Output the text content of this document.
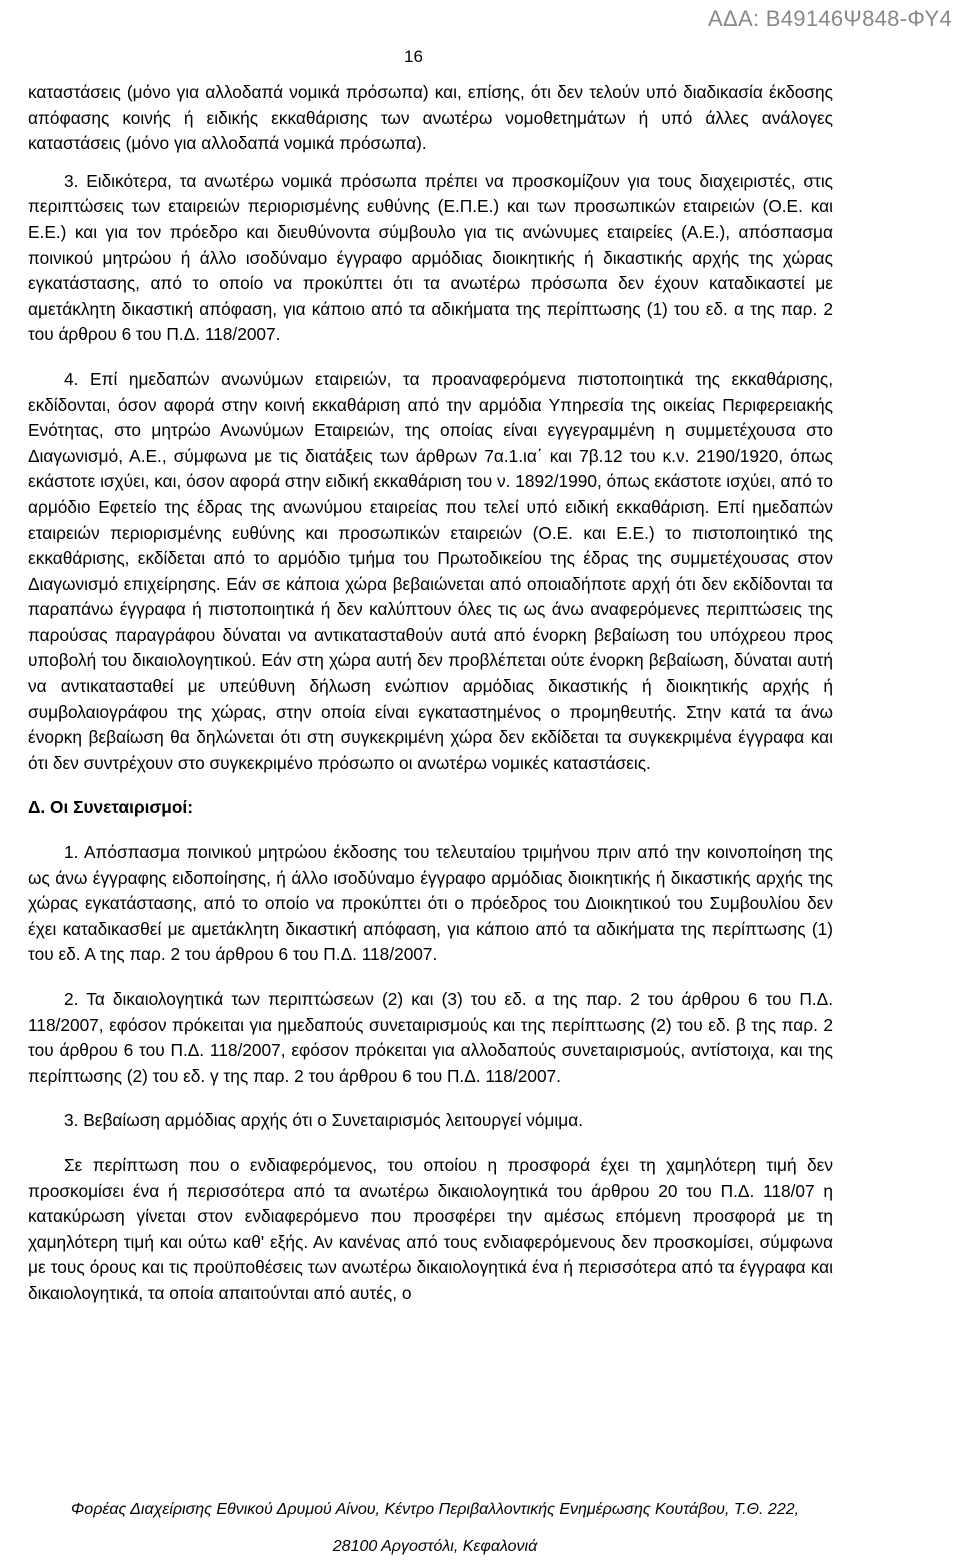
ΑΔΑ: Β49146Ψ848-ΦΥ4
16

καταστάσεις (μόνο για αλλοδαπά νομικά πρόσωπα) και, επίσης, ότι δεν τελούν υπό διαδικασία έκδοσης απόφασης κοινής ή ειδικής εκκαθάρισης των ανωτέρω νομοθετημάτων ή υπό άλλες ανάλογες καταστάσεις (μόνο για αλλοδαπά νομικά πρόσωπα).

3. Ειδικότερα, τα ανωτέρω νομικά πρόσωπα πρέπει να προσκομίζουν για τους διαχειριστές, στις περιπτώσεις των εταιρειών περιορισμένης ευθύνης (Ε.Π.Ε.) και των προσωπικών εταιρειών (Ο.Ε. και Ε.Ε.) και για τον πρόεδρο και διευθύνοντα σύμβουλο για τις ανώνυμες εταιρείες (Α.Ε.), απόσπασμα ποινικού μητρώου ή άλλο ισοδύναμο έγγραφο αρμόδιας διοικητικής ή δικαστικής αρχής της χώρας εγκατάστασης, από το οποίο να προκύπτει ότι τα ανωτέρω πρόσωπα δεν έχουν καταδικαστεί με αμετάκλητη δικαστική απόφαση, για κάποιο από τα αδικήματα της περίπτωσης (1) του εδ. α της παρ. 2 του άρθρου 6 του Π.Δ. 118/2007.

4. Επί ημεδαπών ανωνύμων εταιρειών, τα προαναφερόμενα πιστοποιητικά της εκκαθάρισης, εκδίδονται, όσον αφορά στην κοινή εκκαθάριση από την αρμόδια Υπηρεσία της οικείας Περιφερειακής Ενότητας, στο μητρώο Ανωνύμων Εταιρειών, της οποίας είναι εγγεγραμμένη η συμμετέχουσα στο Διαγωνισμό, Α.Ε., σύμφωνα με τις διατάξεις των άρθρων 7α.1.ια΄ και 7β.12 του κ.ν. 2190/1920, όπως εκάστοτε ισχύει, και, όσον αφορά στην ειδική εκκαθάριση του ν. 1892/1990, όπως εκάστοτε ισχύει, από το αρμόδιο Εφετείο της έδρας της ανωνύμου εταιρείας που τελεί υπό ειδική εκκαθάριση. Επί ημεδαπών εταιρειών περιορισμένης ευθύνης και προσωπικών εταιρειών (Ο.Ε. και Ε.Ε.) το πιστοποιητικό της εκκαθάρισης, εκδίδεται από το αρμόδιο τμήμα του Πρωτοδικείου της έδρας της συμμετέχουσας στον Διαγωνισμό επιχείρησης. Εάν σε κάποια χώρα βεβαιώνεται από οποιαδήποτε αρχή ότι δεν εκδίδονται τα παραπάνω έγγραφα ή πιστοποιητικά ή δεν καλύπτουν όλες τις ως άνω αναφερόμενες περιπτώσεις της παρούσας παραγράφου δύναται να αντικατασταθούν αυτά από ένορκη βεβαίωση του υπόχρεου προς υποβολή του δικαιολογητικού. Εάν στη χώρα αυτή δεν προβλέπεται ούτε ένορκη βεβαίωση, δύναται αυτή να αντικατασταθεί με υπεύθυνη δήλωση ενώπιον αρμόδιας δικαστικής ή διοικητικής αρχής ή συμβολαιογράφου της χώρας, στην οποία είναι εγκαταστημένος ο προμηθευτής. Στην κατά τα άνω ένορκη βεβαίωση θα δηλώνεται ότι στη συγκεκριμένη χώρα δεν εκδίδεται τα συγκεκριμένα έγγραφα και ότι δεν συντρέχουν στο συγκεκριμένο πρόσωπο οι ανωτέρω νομικές καταστάσεις.

Δ. Οι Συνεταιρισμοί:

1. Απόσπασμα ποινικού μητρώου έκδοσης του τελευταίου τριμήνου πριν από την κοινοποίηση της ως άνω έγγραφης ειδοποίησης, ή άλλο ισοδύναμο έγγραφο αρμόδιας διοικητικής ή δικαστικής αρχής της χώρας εγκατάστασης, από το οποίο να προκύπτει ότι ο πρόεδρος του Διοικητικού του Συμβουλίου δεν έχει καταδικασθεί με αμετάκλητη δικαστική απόφαση, για κάποιο από τα αδικήματα της περίπτωσης (1) του εδ. Α της παρ. 2 του άρθρου 6 του Π.Δ. 118/2007.

2. Τα δικαιολογητικά των περιπτώσεων (2) και (3) του εδ. α της παρ. 2 του άρθρου 6 του Π.Δ. 118/2007, εφόσον πρόκειται για ημεδαπούς συνεταιρισμούς και της περίπτωσης (2) του εδ. β της παρ. 2 του άρθρου 6 του Π.Δ. 118/2007, εφόσον πρόκειται για αλλοδαπούς συνεταιρισμούς, αντίστοιχα, και της περίπτωσης (2) του εδ. γ της παρ. 2 του άρθρου 6 του Π.Δ. 118/2007.

3. Βεβαίωση αρμόδιας αρχής ότι ο Συνεταιρισμός λειτουργεί νόμιμα.

Σε περίπτωση που ο ενδιαφερόμενος, του οποίου η προσφορά έχει τη χαμηλότερη τιμή δεν προσκομίσει ένα ή περισσότερα από τα ανωτέρω δικαιολογητικά του άρθρου 20 του Π.Δ. 118/07 η κατακύρωση γίνεται στον ενδιαφερόμενο που προσφέρει την αμέσως επόμενη προσφορά με τη χαμηλότερη τιμή και ούτω καθ' εξής. Αν κανένας από τους ενδιαφερόμενους δεν προσκομίσει, σύμφωνα με τους όρους και τις προϋποθέσεις των ανωτέρω δικαιολογητικά ένα ή περισσότερα από τα έγγραφα και δικαιολογητικά, τα οποία απαιτούνται από αυτές, ο

Φορέας Διαχείρισης Εθνικού Δρυμού Αίνου, Κέντρο Περιβαλλοντικής Ενημέρωσης Κουτάβου, Τ.Θ. 222,
28100 Αργοστόλι, Κεφαλονιά
